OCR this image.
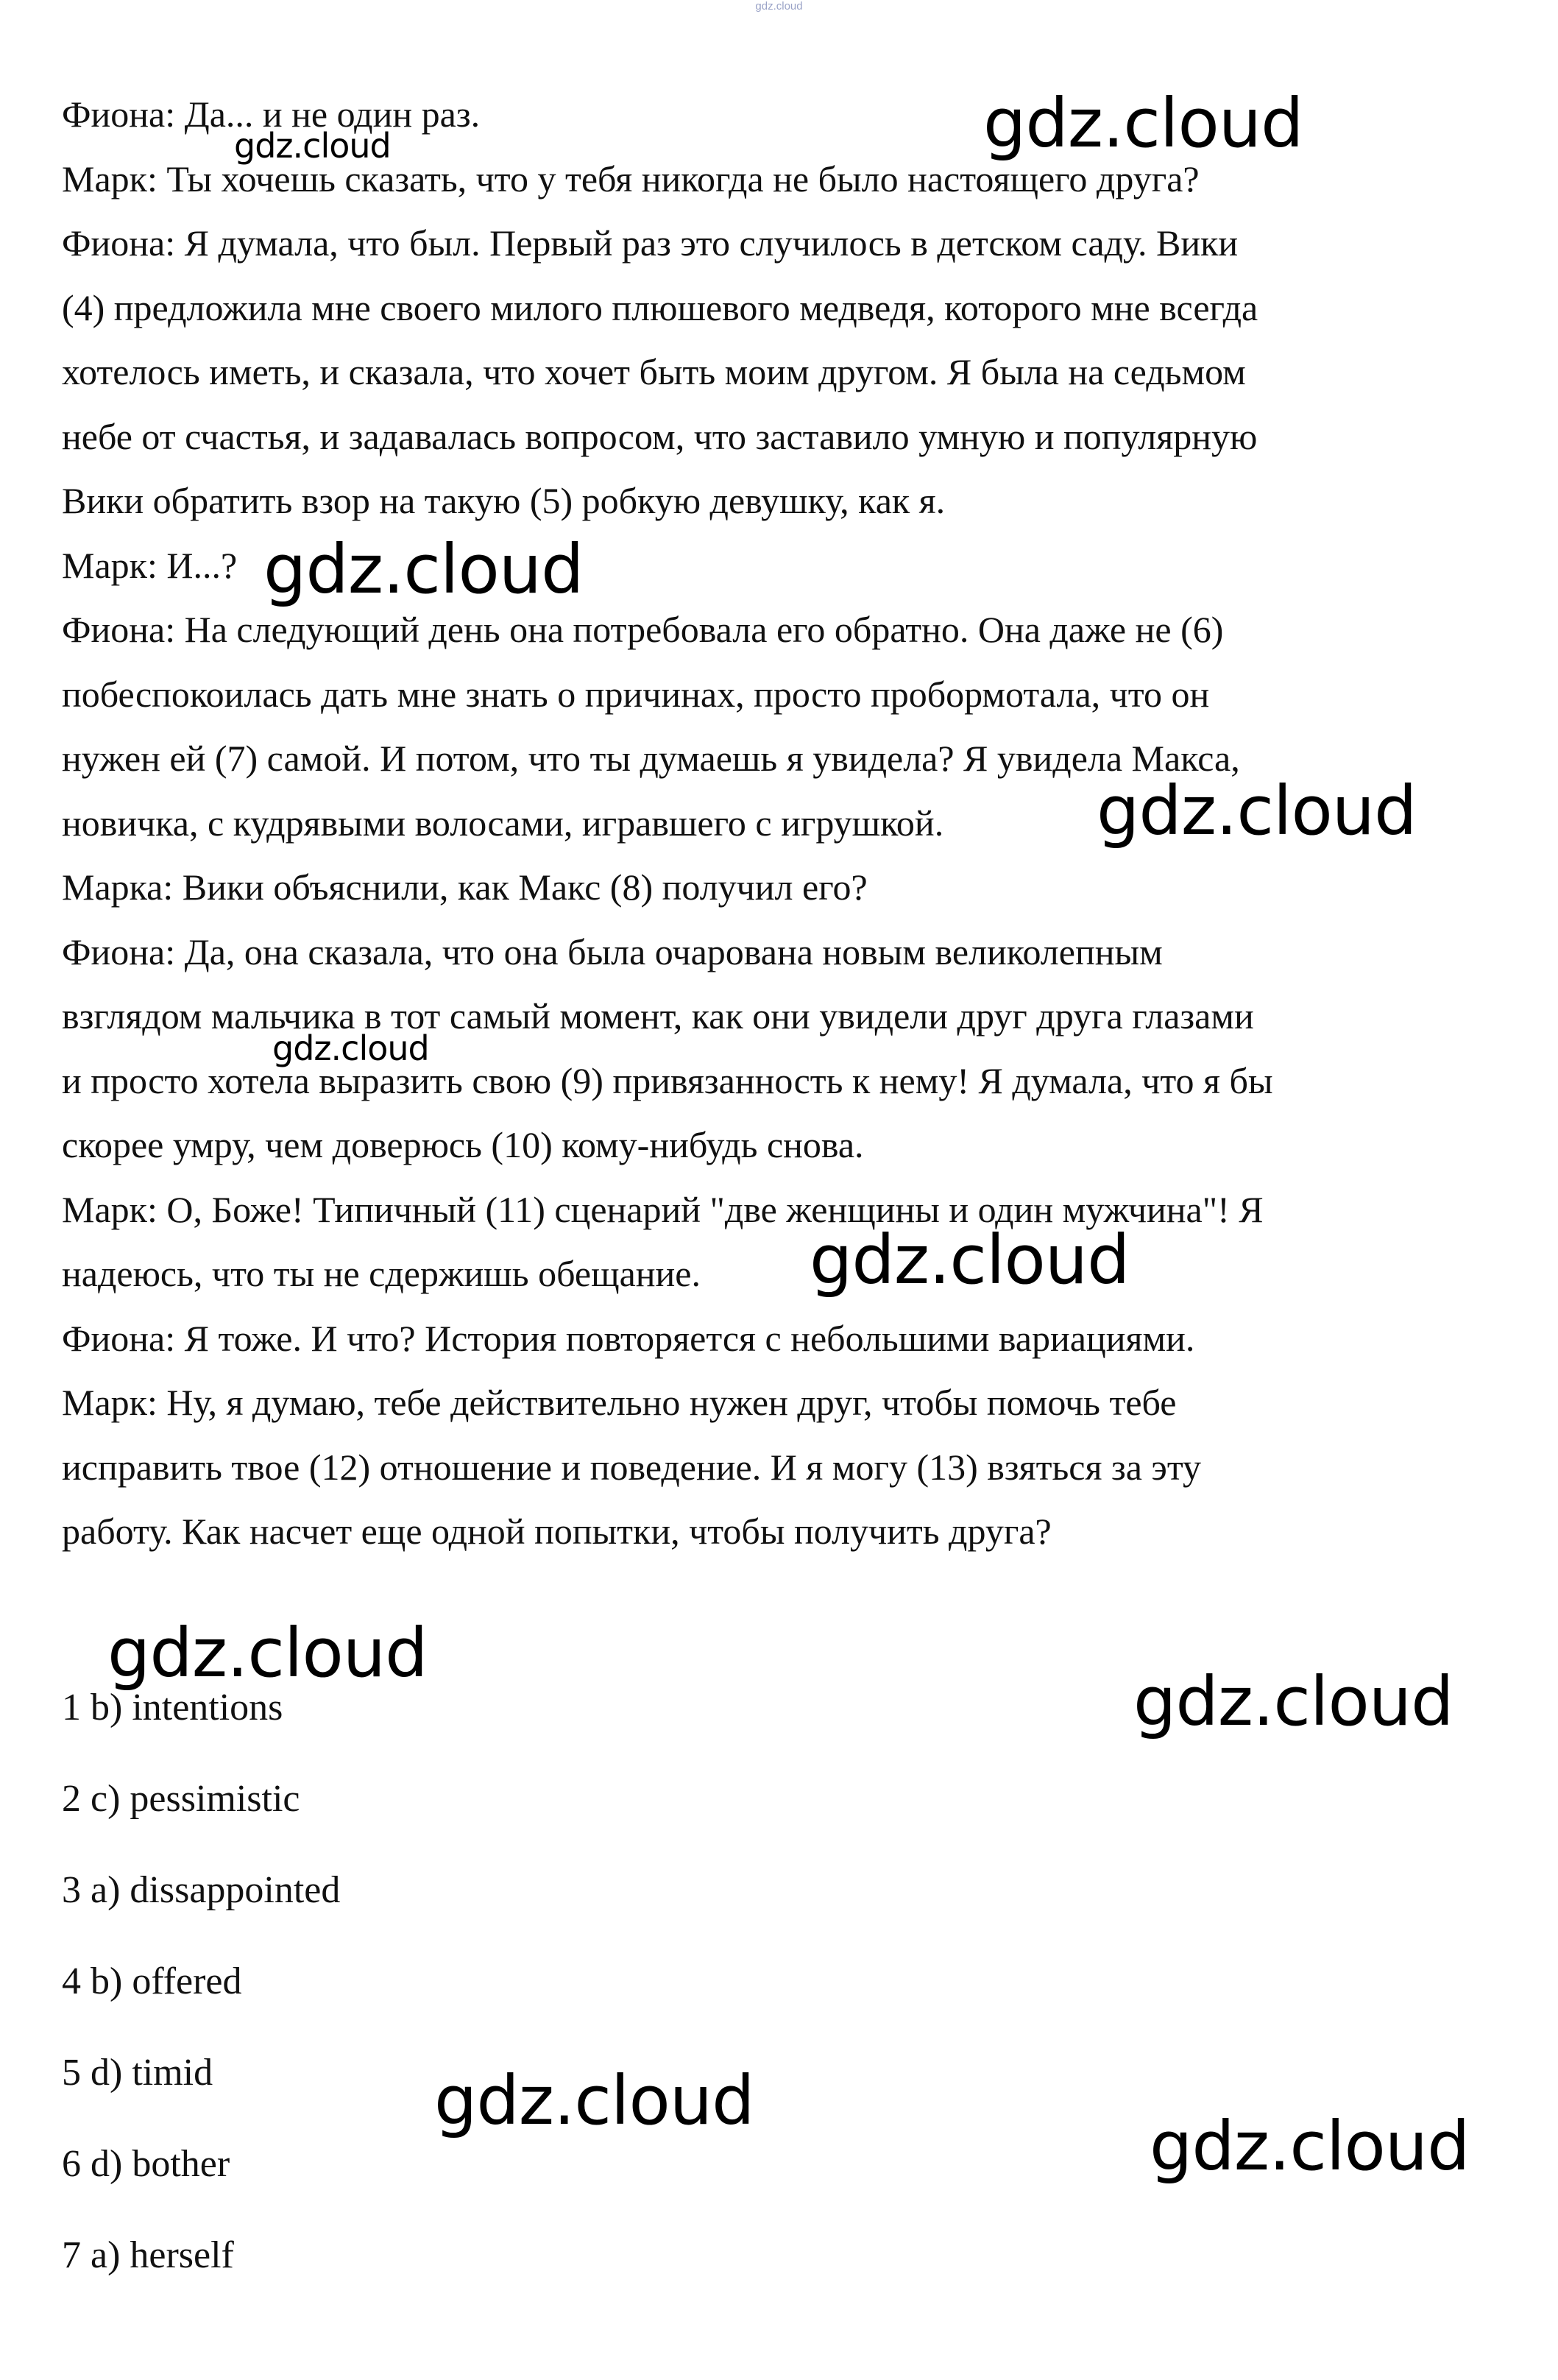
gdz.cloud

Фиона: Да... и не один раз.

Марк: Ты хочешь сказать, что у тебя никогда не было настоящего друга?

Фиона: Я думала, что был. Первый раз это случилось в детском саду. Вики

(4) предложила мне своего милого плюшевого медведя, которого мне всегда

хотелось иметь, и сказала, что хочет быть моим другом. Я была на седьмом

небе от счастья, и задавалась вопросом, что заставило умную и популярную

Вики обратить взор на такую (5) робкую девушку, как я.

Марк: И...?

Фиона: На следующий день она потребовала его обратно. Она даже не (6)

побеспокоилась дать мне знать о причинах, просто пробормотала, что он

нужен ей (7) самой. И потом, что ты думаешь я увидела? Я увидела Макса,

новичка, с кудрявыми волосами, игравшего с игрушкой.

Марка: Вики объяснили, как Макс (8) получил его?

Фиона: Да, она сказала, что она была очарована новым великолепным

взглядом мальчика в тот самый момент, как они увидели друг друга глазами

и просто хотела выразить свою (9) привязанность к нему! Я думала, что я бы

скорее умру, чем доверюсь (10) кому-нибудь снова.

Марк: О, Боже! Типичный (11) сценарий "две женщины и один мужчина"! Я

надеюсь, что ты не сдержишь обещание.

Фиона: Я тоже. И что? История повторяется с небольшими вариациями.

Марк: Ну, я думаю, тебе действительно нужен друг, чтобы помочь тебе

исправить твое (12) отношение и поведение. И я могу (13) взяться за эту

работу. Как насчет еще одной попытки, чтобы получить друга?

1 b) intentions
2 c) pessimistic
3 a) dissappointed
4 b) offered
5 d) timid
6 d) bother
7 a) herself
gdz.cloud
gdz.cloud
gdz.cloud
gdz.cloud
gdz.cloud
gdz.cloud
gdz.cloud
gdz.cloud
gdz.cloud
gdz.cloud
